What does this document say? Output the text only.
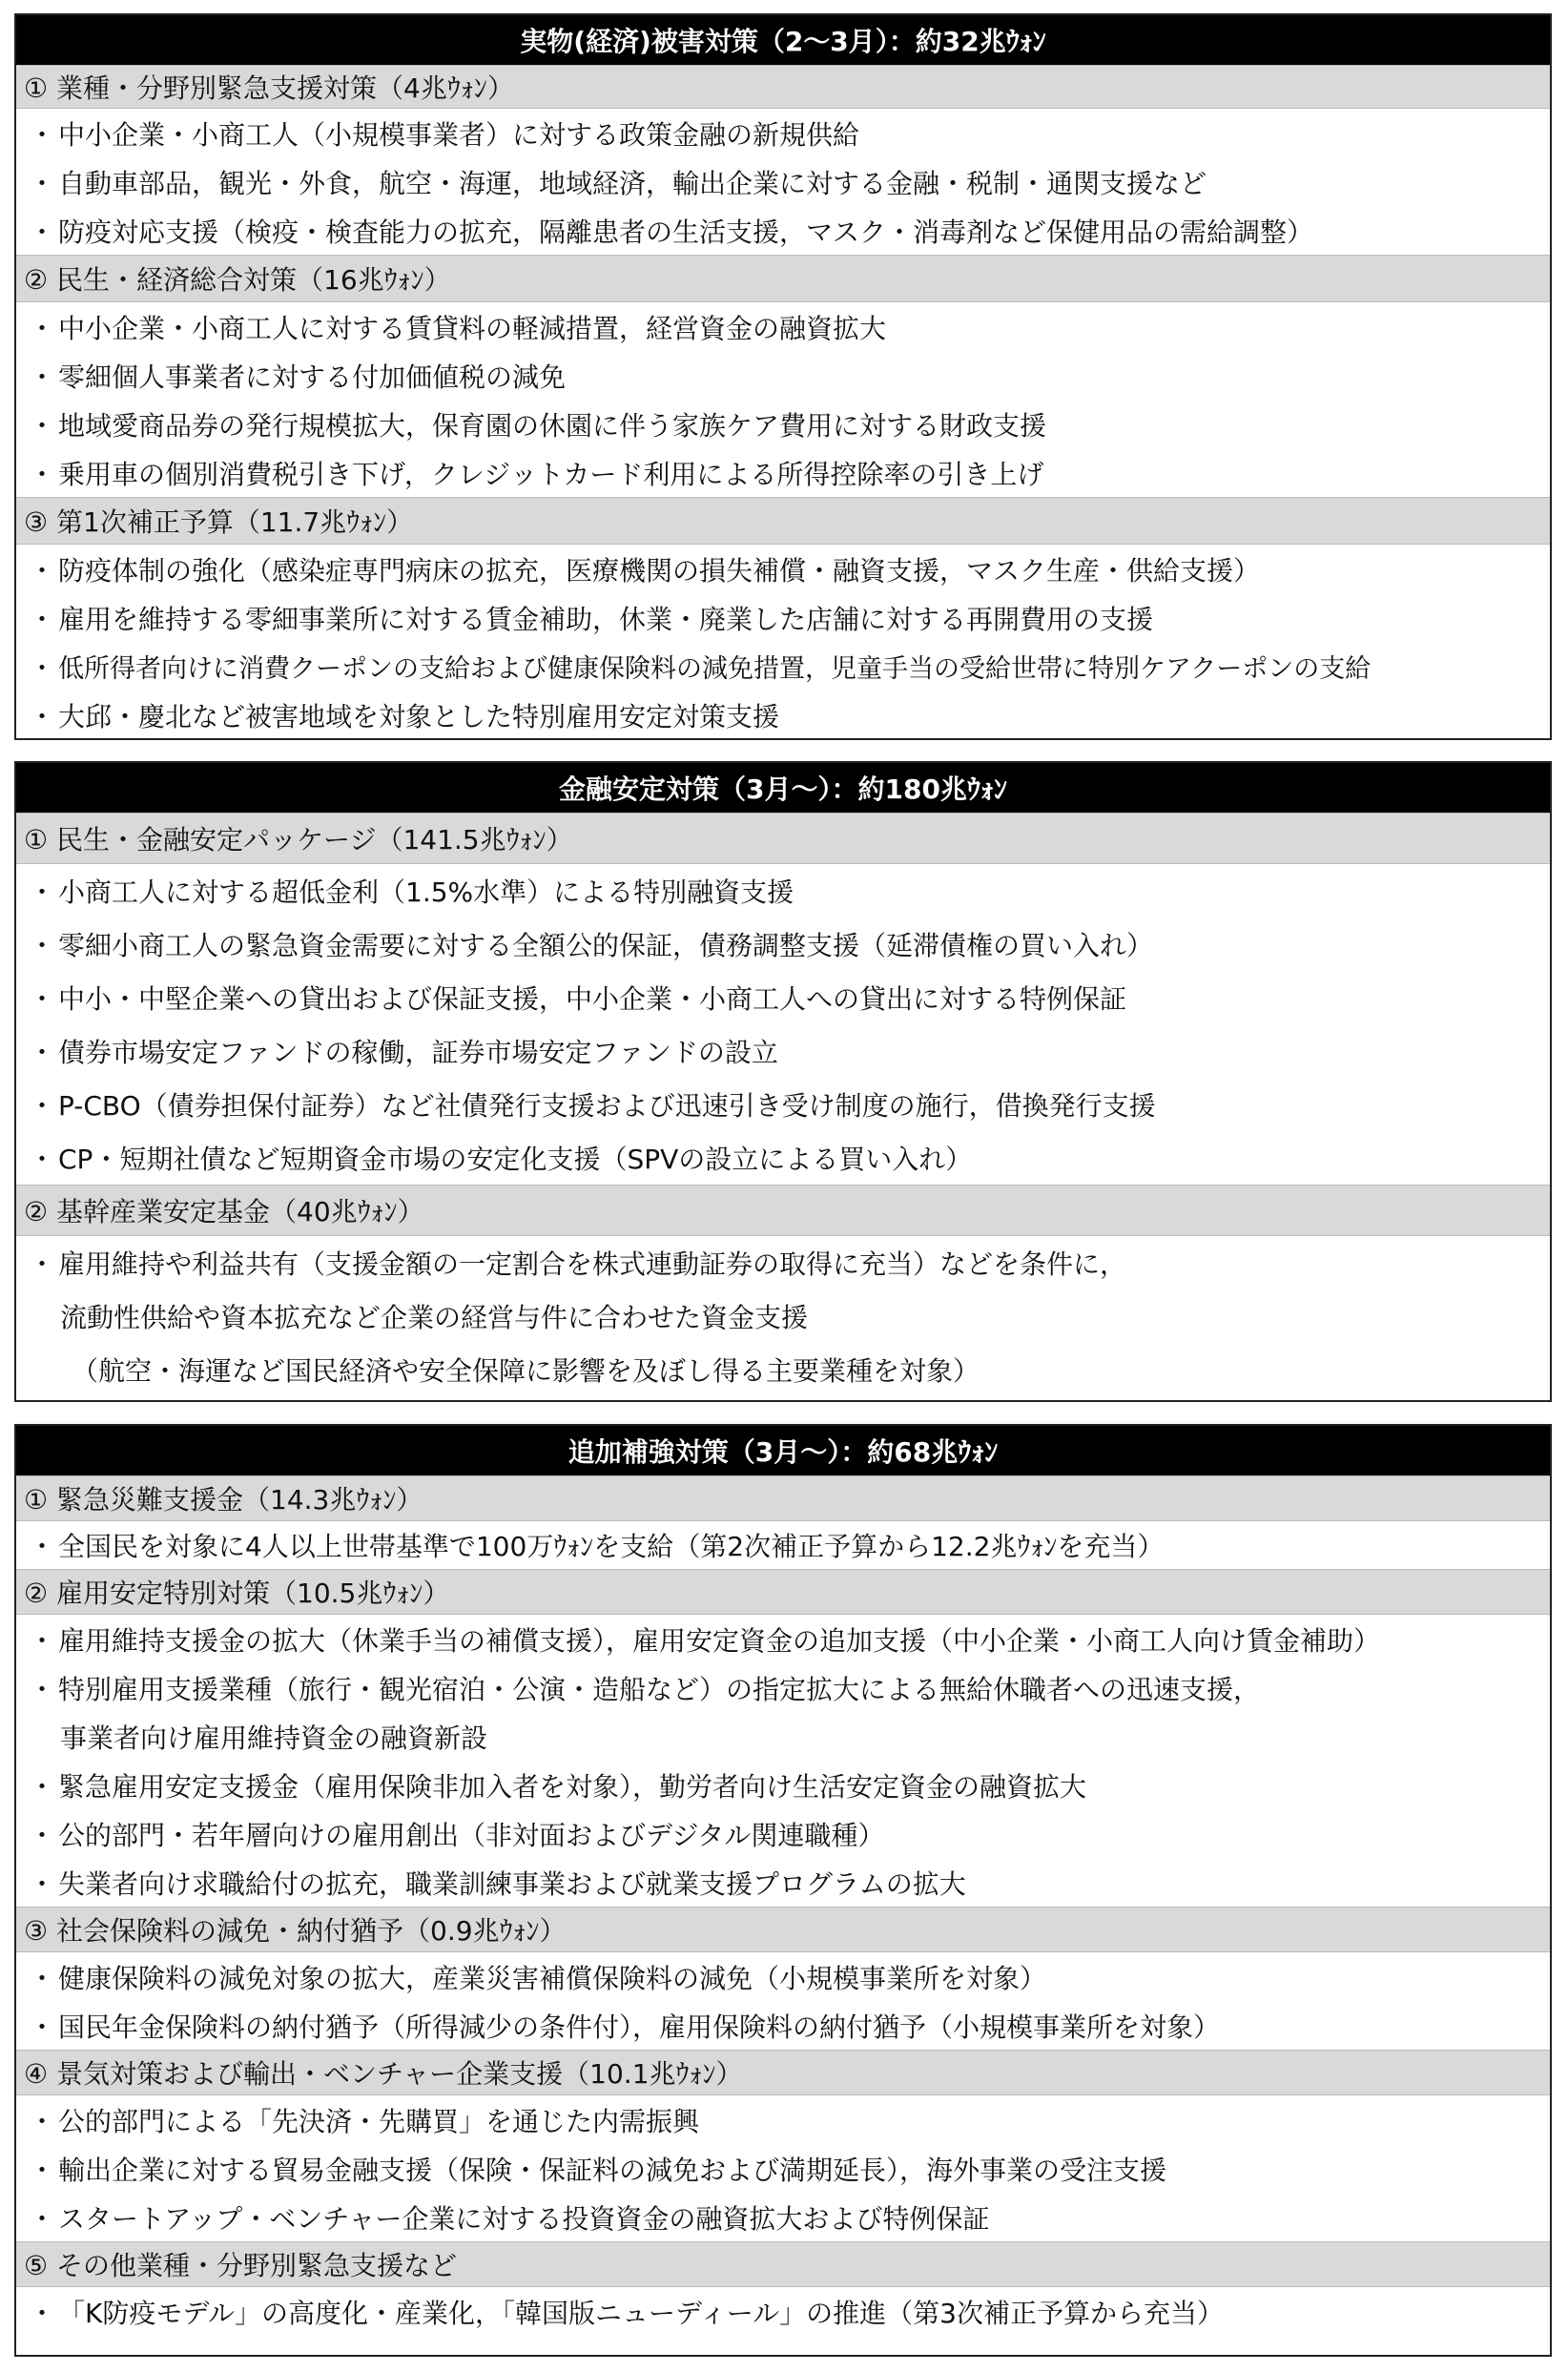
実物(経済)被害対策（2～3月）：約32兆ｳｫﾝ
① 業種・分野別緊急支援対策（4兆ｳｫﾝ）
・ 中小企業・小商工人（小規模事業者）に対する政策金融の新規供給
・ 自動車部品，観光・外食，航空・海運，地域経済，輸出企業に対する金融・税制・通関支援など
・ 防疫対応支援（検疫・検査能力の拡充，隔離患者の生活支援，マスク・消毒剤など保健用品の需給調整）
② 民生・経済総合対策（16兆ｳｫﾝ）
・ 中小企業・小商工人に対する賃貸料の軽減措置，経営資金の融資拡大
・ 零細個人事業者に対する付加価値税の減免
・ 地域愛商品券の発行規模拡大，保育園の休園に伴う家族ケア費用に対する財政支援
・ 乗用車の個別消費税引き下げ，クレジットカード利用による所得控除率の引き上げ
③ 第1次補正予算（11.7兆ｳｫﾝ）
・ 防疫体制の強化（感染症専門病床の拡充，医療機関の損失補償・融資支援，マスク生産・供給支援）
・ 雇用を維持する零細事業所に対する賃金補助，休業・廃業した店舗に対する再開費用の支援
・ 低所得者向けに消費クーポンの支給および健康保険料の減免措置，児童手当の受給世帯に特別ケアクーポンの支給
・ 大邱・慶北など被害地域を対象とした特別雇用安定対策支援
金融安定対策（3月～）：約180兆ｳｫﾝ
① 民生・金融安定パッケージ（141.5兆ｳｫﾝ）
・ 小商工人に対する超低金利（1.5%水準）による特別融資支援
・ 零細小商工人の緊急資金需要に対する全額公的保証，債務調整支援（延滞債権の買い入れ）
・ 中小・中堅企業への貸出および保証支援，中小企業・小商工人への貸出に対する特例保証
・ 債券市場安定ファンドの稼働，証券市場安定ファンドの設立
・ P-CBO（債券担保付証券）など社債発行支援および迅速引き受け制度の施行，借換発行支援
・ CP・短期社債など短期資金市場の安定化支援（SPVの設立による買い入れ）
② 基幹産業安定基金（40兆ｳｫﾝ）
・ 雇用維持や利益共有（支援金額の一定割合を株式連動証券の取得に充当）などを条件に，
流動性供給や資本拡充など企業の経営与件に合わせた資金支援
（航空・海運など国民経済や安全保障に影響を及ぼし得る主要業種を対象）
追加補強対策（3月～）：約68兆ｳｫﾝ
① 緊急災難支援金（14.3兆ｳｫﾝ）
・ 全国民を対象に4人以上世帯基準で100万ｳｫﾝを支給（第2次補正予算から12.2兆ｳｫﾝを充当）
② 雇用安定特別対策（10.5兆ｳｫﾝ）
・ 雇用維持支援金の拡大（休業手当の補償支援），雇用安定資金の追加支援（中小企業・小商工人向け賃金補助）
・ 特別雇用支援業種（旅行・観光宿泊・公演・造船など）の指定拡大による無給休職者への迅速支援，
事業者向け雇用維持資金の融資新設
・ 緊急雇用安定支援金（雇用保険非加入者を対象），勤労者向け生活安定資金の融資拡大
・ 公的部門・若年層向けの雇用創出（非対面およびデジタル関連職種）
・ 失業者向け求職給付の拡充，職業訓練事業および就業支援プログラムの拡大
③ 社会保険料の減免・納付猶予（0.9兆ｳｫﾝ）
・ 健康保険料の減免対象の拡大，産業災害補償保険料の減免（小規模事業所を対象）
・ 国民年金保険料の納付猶予（所得減少の条件付），雇用保険料の納付猶予（小規模事業所を対象）
④ 景気対策および輸出・ベンチャー企業支援（10.1兆ｳｫﾝ）
・ 公的部門による「先決済・先購買」を通じた内需振興
・ 輸出企業に対する貿易金融支援（保険・保証料の減免および満期延長），海外事業の受注支援
・ スタートアップ・ベンチャー企業に対する投資資金の融資拡大および特例保証
⑤ その他業種・分野別緊急支援など
・ 「K防疫モデル」の高度化・産業化，「韓国版ニューディール」の推進（第3次補正予算から充当）
